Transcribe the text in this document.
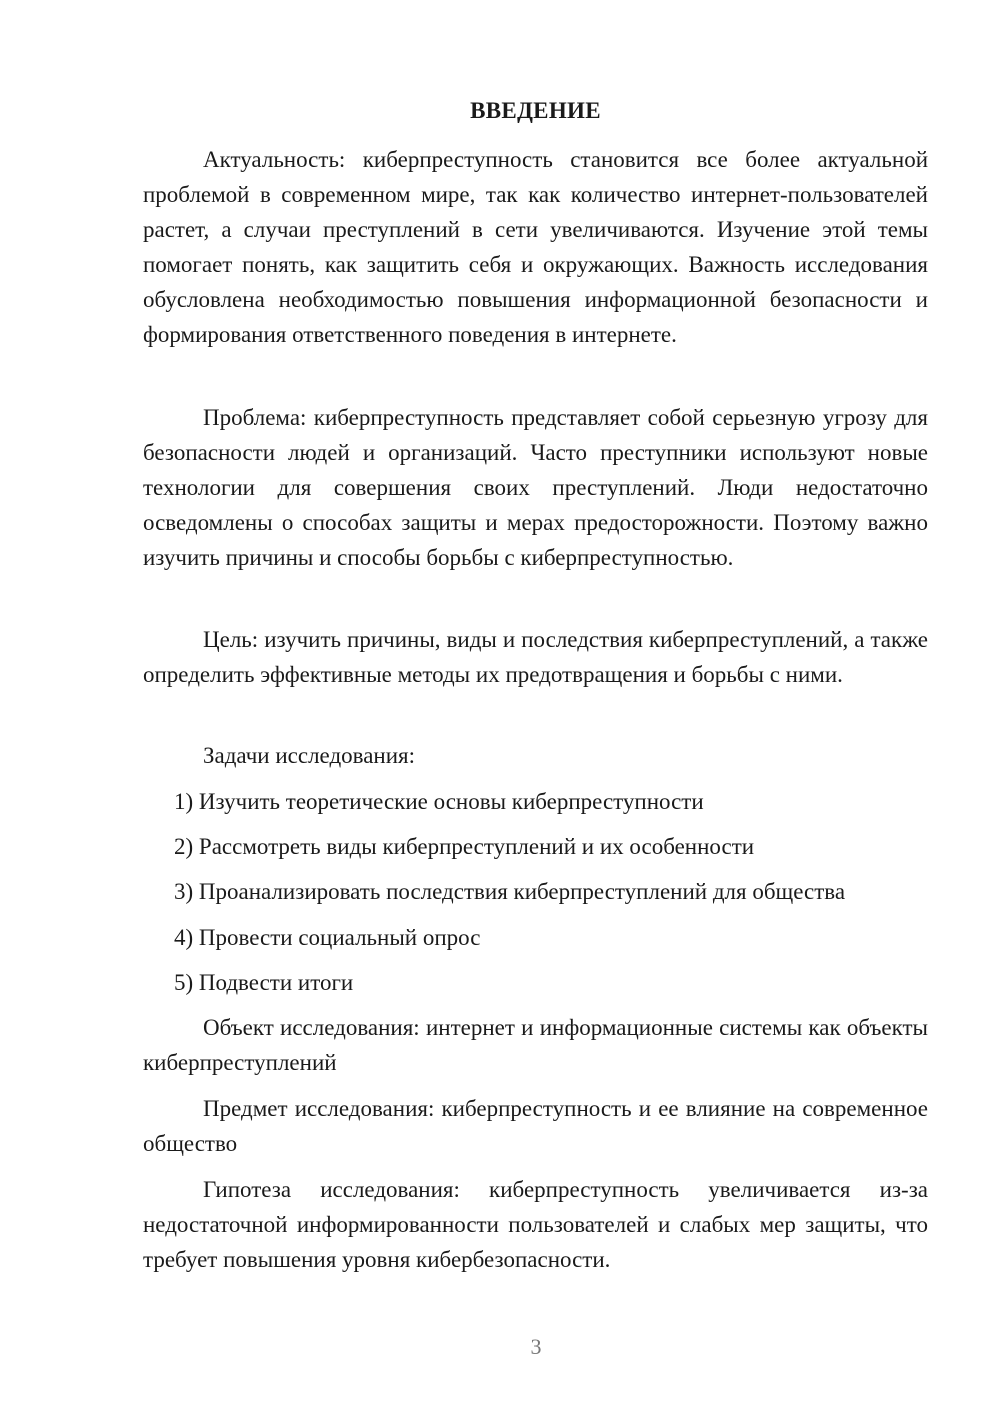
ВВЕДЕНИЕ

Актуальность: киберпреступность становится все более актуальной проблемой в современном мире, так как количество интернет-пользователей растет, а случаи преступлений в сети увеличиваются. Изучение этой темы помогает понять, как защитить себя и окружающих. Важность исследования обусловлена необходимостью повышения информационной безопасности и формирования ответственного поведения в интернете.

Проблема: киберпреступность представляет собой серьезную угрозу для безопасности людей и организаций. Часто преступники используют новые технологии для совершения своих преступлений. Люди недостаточно осведомлены о способах защиты и мерах предосторожности. Поэтому важно изучить причины и способы борьбы с киберпреступностью.

Цель: изучить причины, виды и последствия киберпреступлений, а также определить эффективные методы их предотвращения и борьбы с ними.

Задачи исследования:

1) Изучить теоретические основы киберпреступности

2) Рассмотреть виды киберпреступлений и их особенности

3) Проанализировать последствия киберпреступлений для общества

4) Провести социальный опрос

5) Подвести итоги

Объект исследования: интернет и информационные системы как объекты киберпреступлений

Предмет исследования: киберпреступность и ее влияние на современное общество

Гипотеза исследования: киберпреступность увеличивается из-за недостаточной информированности пользователей и слабых мер защиты, что требует повышения уровня кибербезопасности.

3
